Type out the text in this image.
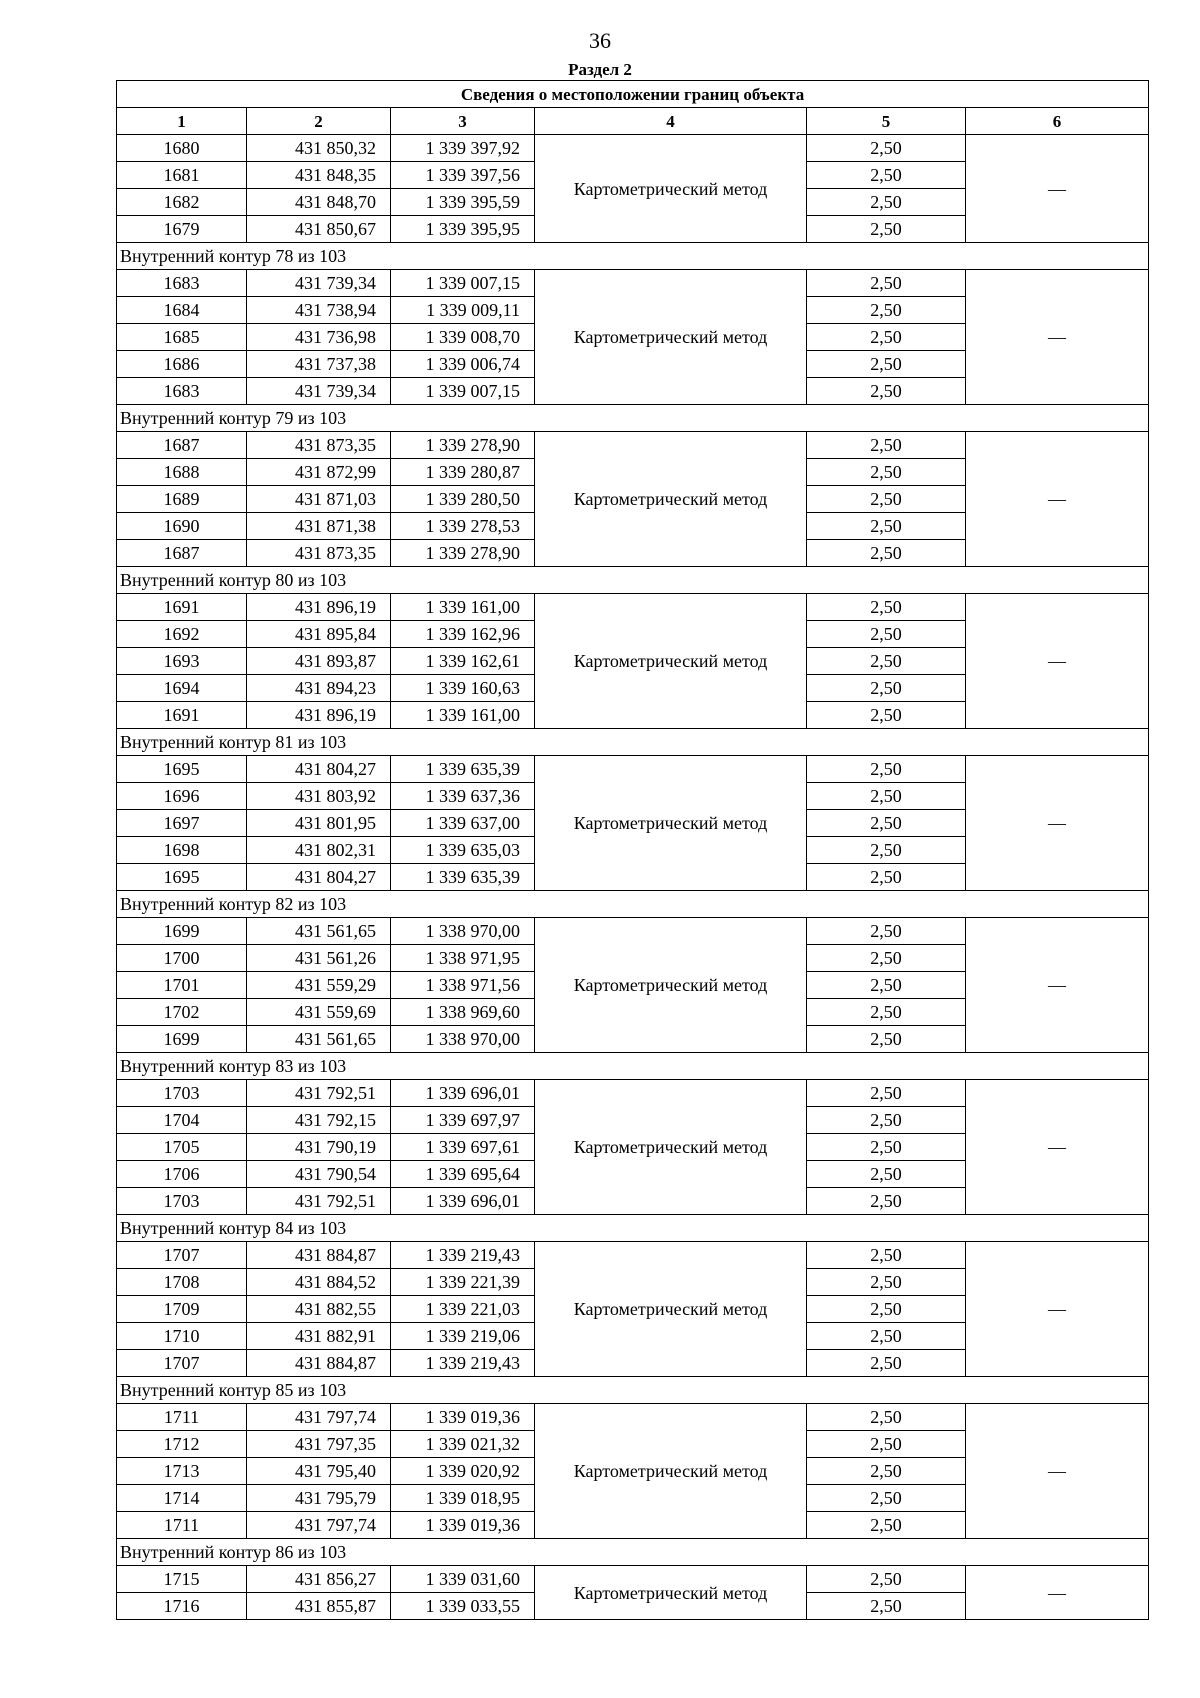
36
Раздел 2
Сведения о местоположении границ объекта					
1	2	3	4	5	6
1680	431 850,32	1 339 397,92	Картометрический метод	2,50	—
1681	431 848,35	1 339 397,56		2,50	
1682	431 848,70	1 339 395,59		2,50	
1679	431 850,67	1 339 395,95		2,50	
Внутренний контур 78 из 103					
1683	431 739,34	1 339 007,15	Картометрический метод	2,50	—
1684	431 738,94	1 339 009,11		2,50	
1685	431 736,98	1 339 008,70		2,50	
1686	431 737,38	1 339 006,74		2,50	
1683	431 739,34	1 339 007,15		2,50	
Внутренний контур 79 из 103					
1687	431 873,35	1 339 278,90	Картометрический метод	2,50	—
1688	431 872,99	1 339 280,87		2,50	
1689	431 871,03	1 339 280,50		2,50	
1690	431 871,38	1 339 278,53		2,50	
1687	431 873,35	1 339 278,90		2,50	
Внутренний контур 80 из 103					
1691	431 896,19	1 339 161,00	Картометрический метод	2,50	—
1692	431 895,84	1 339 162,96		2,50	
1693	431 893,87	1 339 162,61		2,50	
1694	431 894,23	1 339 160,63		2,50	
1691	431 896,19	1 339 161,00		2,50	
Внутренний контур 81 из 103					
1695	431 804,27	1 339 635,39	Картометрический метод	2,50	—
1696	431 803,92	1 339 637,36		2,50	
1697	431 801,95	1 339 637,00		2,50	
1698	431 802,31	1 339 635,03		2,50	
1695	431 804,27	1 339 635,39		2,50	
Внутренний контур 82 из 103					
1699	431 561,65	1 338 970,00	Картометрический метод	2,50	—
1700	431 561,26	1 338 971,95		2,50	
1701	431 559,29	1 338 971,56		2,50	
1702	431 559,69	1 338 969,60		2,50	
1699	431 561,65	1 338 970,00		2,50	
Внутренний контур 83 из 103					
1703	431 792,51	1 339 696,01	Картометрический метод	2,50	—
1704	431 792,15	1 339 697,97		2,50	
1705	431 790,19	1 339 697,61		2,50	
1706	431 790,54	1 339 695,64		2,50	
1703	431 792,51	1 339 696,01		2,50	
Внутренний контур 84 из 103					
1707	431 884,87	1 339 219,43	Картометрический метод	2,50	—
1708	431 884,52	1 339 221,39		2,50	
1709	431 882,55	1 339 221,03		2,50	
1710	431 882,91	1 339 219,06		2,50	
1707	431 884,87	1 339 219,43		2,50	
Внутренний контур 85 из 103					
1711	431 797,74	1 339 019,36	Картометрический метод	2,50	—
1712	431 797,35	1 339 021,32		2,50	
1713	431 795,40	1 339 020,92		2,50	
1714	431 795,79	1 339 018,95		2,50	
1711	431 797,74	1 339 019,36		2,50	
Внутренний контур 86 из 103					
1715	431 856,27	1 339 031,60	Картометрический метод	2,50	—
1716	431 855,87	1 339 033,55		2,50	
